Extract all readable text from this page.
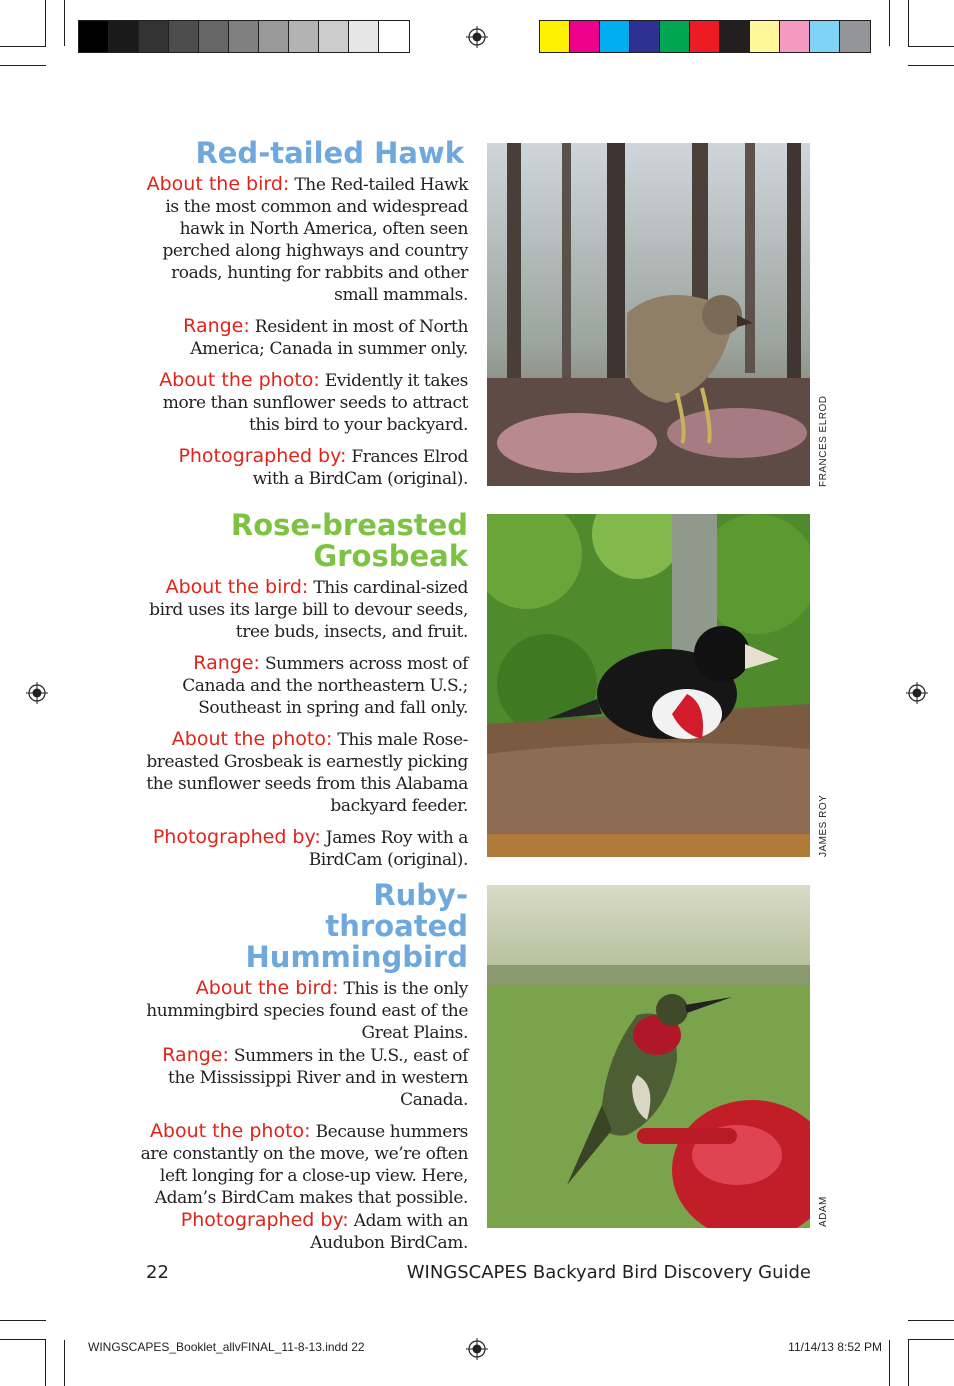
Red-tailed Hawk

About the bird: The Red-tailed Hawk is the most common and widespread hawk in North America, often seen perched along highways and country roads, hunting for rabbits and other small mammals.

Range: Resident in most of North America; Canada in summer only.

About the photo: Evidently it takes more than sunflower seeds to attract this bird to your backyard.

Photographed by: Frances Elrod with a BirdCam (original).	FRANCES ELROD
Rose-breasted Grosbeak

About the bird: This cardinal-sized bird uses its large bill to devour seeds, tree buds, insects, and fruit.

Range: Summers across most of Canada and the northeastern U.S.; Southeast in spring and fall only.

About the photo: This male Rose-breasted Grosbeak is earnestly picking the sunflower seeds from this Alabama backyard feeder.

Photographed by: James Roy with a BirdCam (original).

JAMES ROY
Ruby-throated Hummingbird

About the bird: This is the only hummingbird species found east of the Great Plains.

Range: Summers in the U.S., east of the Mississippi River and in western Canada.

About the photo: Because hummers are constantly on the move, we’re often left longing for a close-up view. Here, Adam’s BirdCam makes that possible.

Photographed by: Adam with an Audubon BirdCam.

ADAM
22	WINGSCAPES Backyard Bird Discovery Guide
WINGSCAPES_Booklet_allvFINAL_11-8-13.indd 22	11/14/13 8:52 PM
